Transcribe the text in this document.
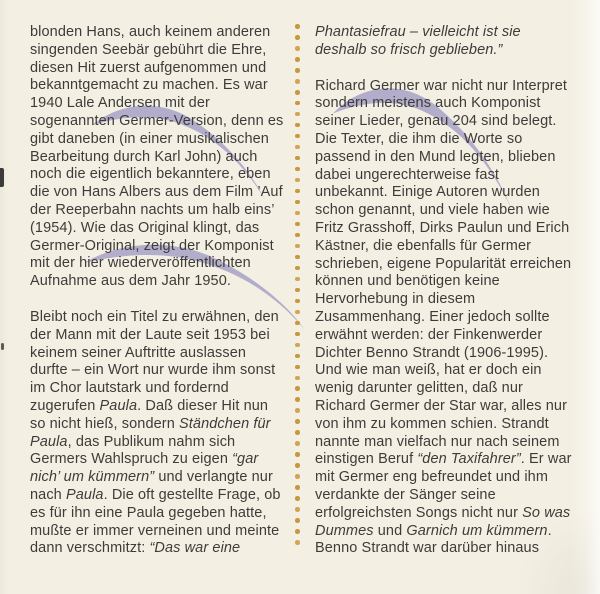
blonden Hans, auch keinem anderen singenden Seebär gebührt die Ehre, diesen Hit zuerst aufgenommen und bekanntgemacht zu machen. Es war 1940 Lale Andersen mit der sogenannten Germer-Version, denn es gibt daneben (in einer musikalischen Bearbeitung durch Karl John) auch noch die eigentlich bekanntere, eben die von Hans Albers aus dem Film ’Auf der Reeperbahn nachts um halb eins’ (1954). Wie das Original klingt, das Germer-Original, zeigt der Komponist mit der hier wiederveröffentlichten Aufnahme aus dem Jahr 1950.

Bleibt noch ein Titel zu erwähnen, den der Mann mit der Laute seit 1953 bei keinem seiner Auftritte auslassen durfte – ein Wort nur wurde ihm sonst im Chor lautstark und fordernd zugerufen Paula. Daß dieser Hit nun so nicht hieß, sondern Ständchen für Paula, das Publikum nahm sich Germers Wahlspruch zu eigen “gar nich’ um kümmern” und verlangte nur nach Paula. Die oft gestellte Frage, ob es für ihn eine Paula gegeben hatte, mußte er immer verneinen und meinte dann verschmitzt: “Das war eine

Phantasiefrau – vielleicht ist sie deshalb so frisch geblieben.”

Richard Germer war nicht nur Interpret sondern meistens auch Komponist seiner Lieder, genau 204 sind belegt. Die Texter, die ihm die Worte so passend in den Mund legten, blieben dabei ungerechterweise fast unbekannt. Einige Autoren wurden schon genannt, und viele haben wie Fritz Grasshoff, Dirks Paulun und Erich Kästner, die ebenfalls für Germer schrieben, eigene Popularität erreichen können und benötigen keine Hervorhebung in diesem Zusammenhang. Einer jedoch sollte erwähnt werden: der Finkenwerder Dichter Benno Strandt (1906-1995). Und wie man weiß, hat er doch ein wenig darunter gelitten, daß nur Richard Germer der Star war, alles nur von ihm zu kommen schien. Strandt nannte man vielfach nur nach seinem einstigen Beruf “den Taxifahrer”. Er war mit Germer eng befreundet und ihm verdankte der Sänger seine erfolgreichsten Songs nicht nur So was Dummes und Garnich um kümmern. Benno Strandt war darüber hinaus
